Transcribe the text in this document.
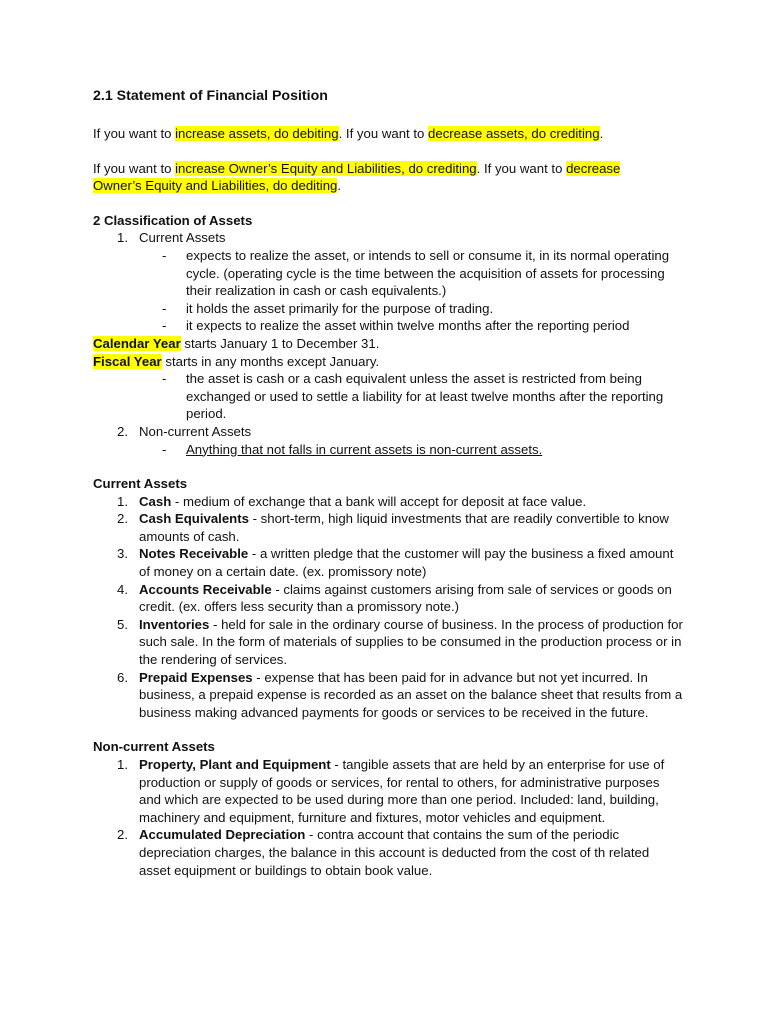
2.1 Statement of Financial Position

If you want to increase assets, do debiting. If you want to decrease assets, do crediting.

If you want to increase Owner’s Equity and Liabilities, do crediting. If you want to decrease
Owner’s Equity and Liabilities, do dediting.

2 Classification of Assets
1. Current Assets
-	expects to realize the asset, or intends to sell or consume it, in its normal operating cycle. (operating cycle is the time between the acquisition of assets for processing their realization in cash or cash equivalents.)
-	it holds the asset primarily for the purpose of trading.
-	it expects to realize the asset within twelve months after the reporting period
Calendar Year starts January 1 to December 31.
Fiscal Year starts in any months except January.
-	the asset is cash or a cash equivalent unless the asset is restricted from being exchanged or used to settle a liability for at least twelve months after the reporting period.
2. Non-current Assets
-	Anything that not falls in current assets is non-current assets.
Current Assets
1. Cash - medium of exchange that a bank will accept for deposit at face value.
2. Cash Equivalents - short-term, high liquid investments that are readily convertible to know amounts of cash.
3. Notes Receivable - a written pledge that the customer will pay the business a fixed amount of money on a certain date. (ex. promissory note)
4. Accounts Receivable - claims against customers arising from sale of services or goods on credit. (ex. offers less security than a promissory note.)
5. Inventories - held for sale in the ordinary course of business. In the process of production for such sale. In the form of materials of supplies to be consumed in the production process or in the rendering of services.
6. Prepaid Expenses - expense that has been paid for in advance but not yet incurred. In business, a prepaid expense is recorded as an asset on the balance sheet that results from a business making advanced payments for goods or services to be received in the future.
Non-current Assets
1. Property, Plant and Equipment - tangible assets that are held by an enterprise for use of production or supply of goods or services, for rental to others, for administrative purposes and which are expected to be used during more than one period. Included: land, building, machinery and equipment, furniture and fixtures, motor vehicles and equipment.
2. Accumulated Depreciation - contra account that contains the sum of the periodic depreciation charges, the balance in this account is deducted from the cost of th related asset equipment or buildings to obtain book value.
